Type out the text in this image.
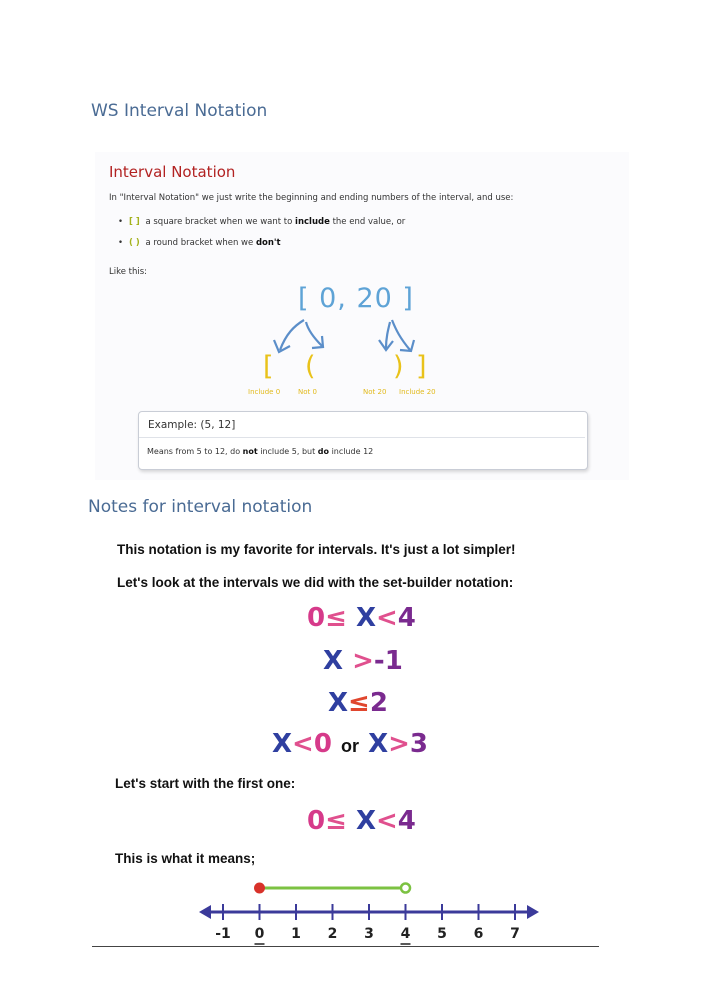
WS Interval Notation
Interval Notation
In "Interval Notation" we just write the beginning and ending numbers of the interval, and use:
• [ ] a square bracket when we want to include the end value, or
• ( ) a round bracket when we don't
Like this:
[ 0, 20 ]
[ (	) ]
Include 0	Not 0	Not 20 Include 20
Example: (5, 12]
Means from 5 to 12, do not include 5, but do include 12
Notes for interval notation
This notation is my favorite for intervals. It's just a lot simpler!
Let's look at the intervals we did with the set-builder notation:
0≤ X<4
X >-1
X≤2
X<0 or X>3
Let's start with the first one:
0≤ X<4
This is what it means;
-1 0 1 2 3 4 5 6 7
